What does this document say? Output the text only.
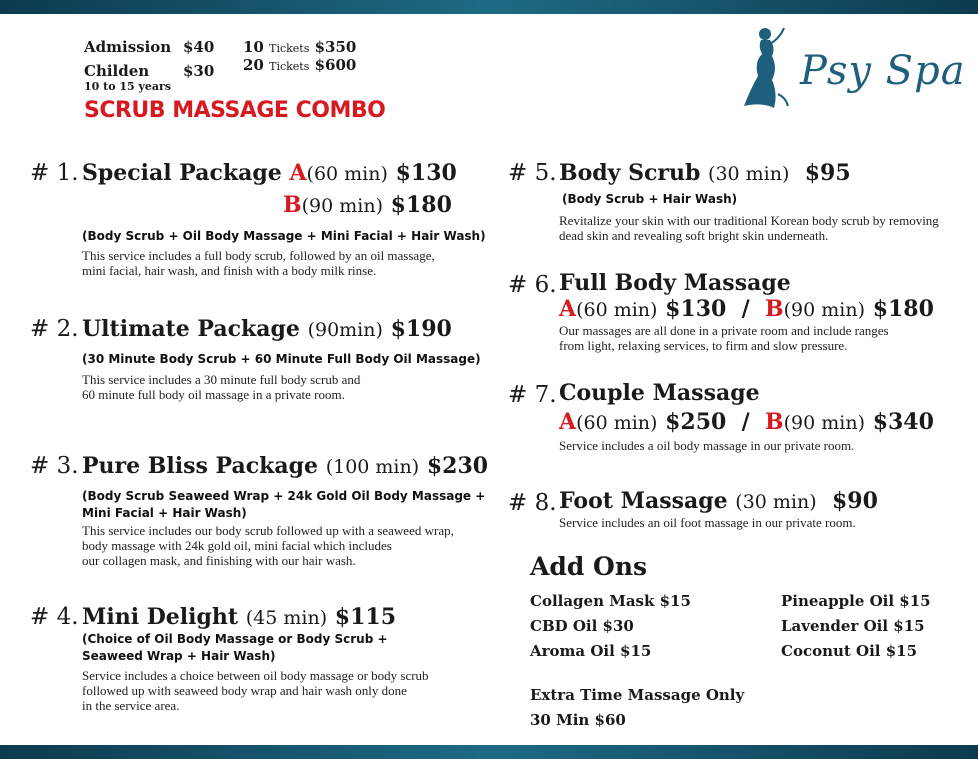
Admission $40
Childen $30
10 to 15 years
10 Tickets $350
20 Tickets $600
SCRUB MASSAGE COMBO
Psy Spa
# 1. Special Package A(60 min) $130
B(90 min) $180
(Body Scrub + Oil Body Massage + Mini Facial + Hair Wash)
This service includes a full body scrub, followed by an oil massage,
mini facial, hair wash, and finish with a body milk rinse.
# 2. Ultimate Package (90min) $190
(30 Minute Body Scrub + 60 Minute Full Body Oil Massage)
This service includes a 30 minute full body scrub and
60 minute full body oil massage in a private room.
# 3. Pure Bliss Package (100 min) $230
(Body Scrub Seaweed Wrap + 24k Gold Oil Body Massage +
Mini Facial + Hair Wash)
This service includes our body scrub followed up with a seaweed wrap,
body massage with 24k gold oil, mini facial which includes
our collagen mask, and finishing with our hair wash.
# 4. Mini Delight (45 min) $115
(Choice of Oil Body Massage or Body Scrub +
Seaweed Wrap + Hair Wash)
Service includes a choice between oil body massage or body scrub
followed up with seaweed body wrap and hair wash only done
in the service area.
# 5. Body Scrub (30 min) $95
(Body Scrub + Hair Wash)
Revitalize your skin with our traditional Korean body scrub by removing
dead skin and revealing soft bright skin underneath.
# 6. Full Body Massage
A(60 min) $130  /  B(90 min) $180
Our massages are all done in a private room and include ranges
from light, relaxing services, to firm and slow pressure.
# 7. Couple Massage
A(60 min) $250  /  B(90 min) $340
Service includes a oil body massage in our private room.
# 8. Foot Massage (30 min) $90
Service includes an oil foot massage in our private room.
Add Ons
Collagen Mask $15
CBD Oil $30
Aroma Oil $15
Pineapple Oil $15
Lavender Oil $15
Coconut Oil $15
Extra Time Massage Only
30 Min $60
